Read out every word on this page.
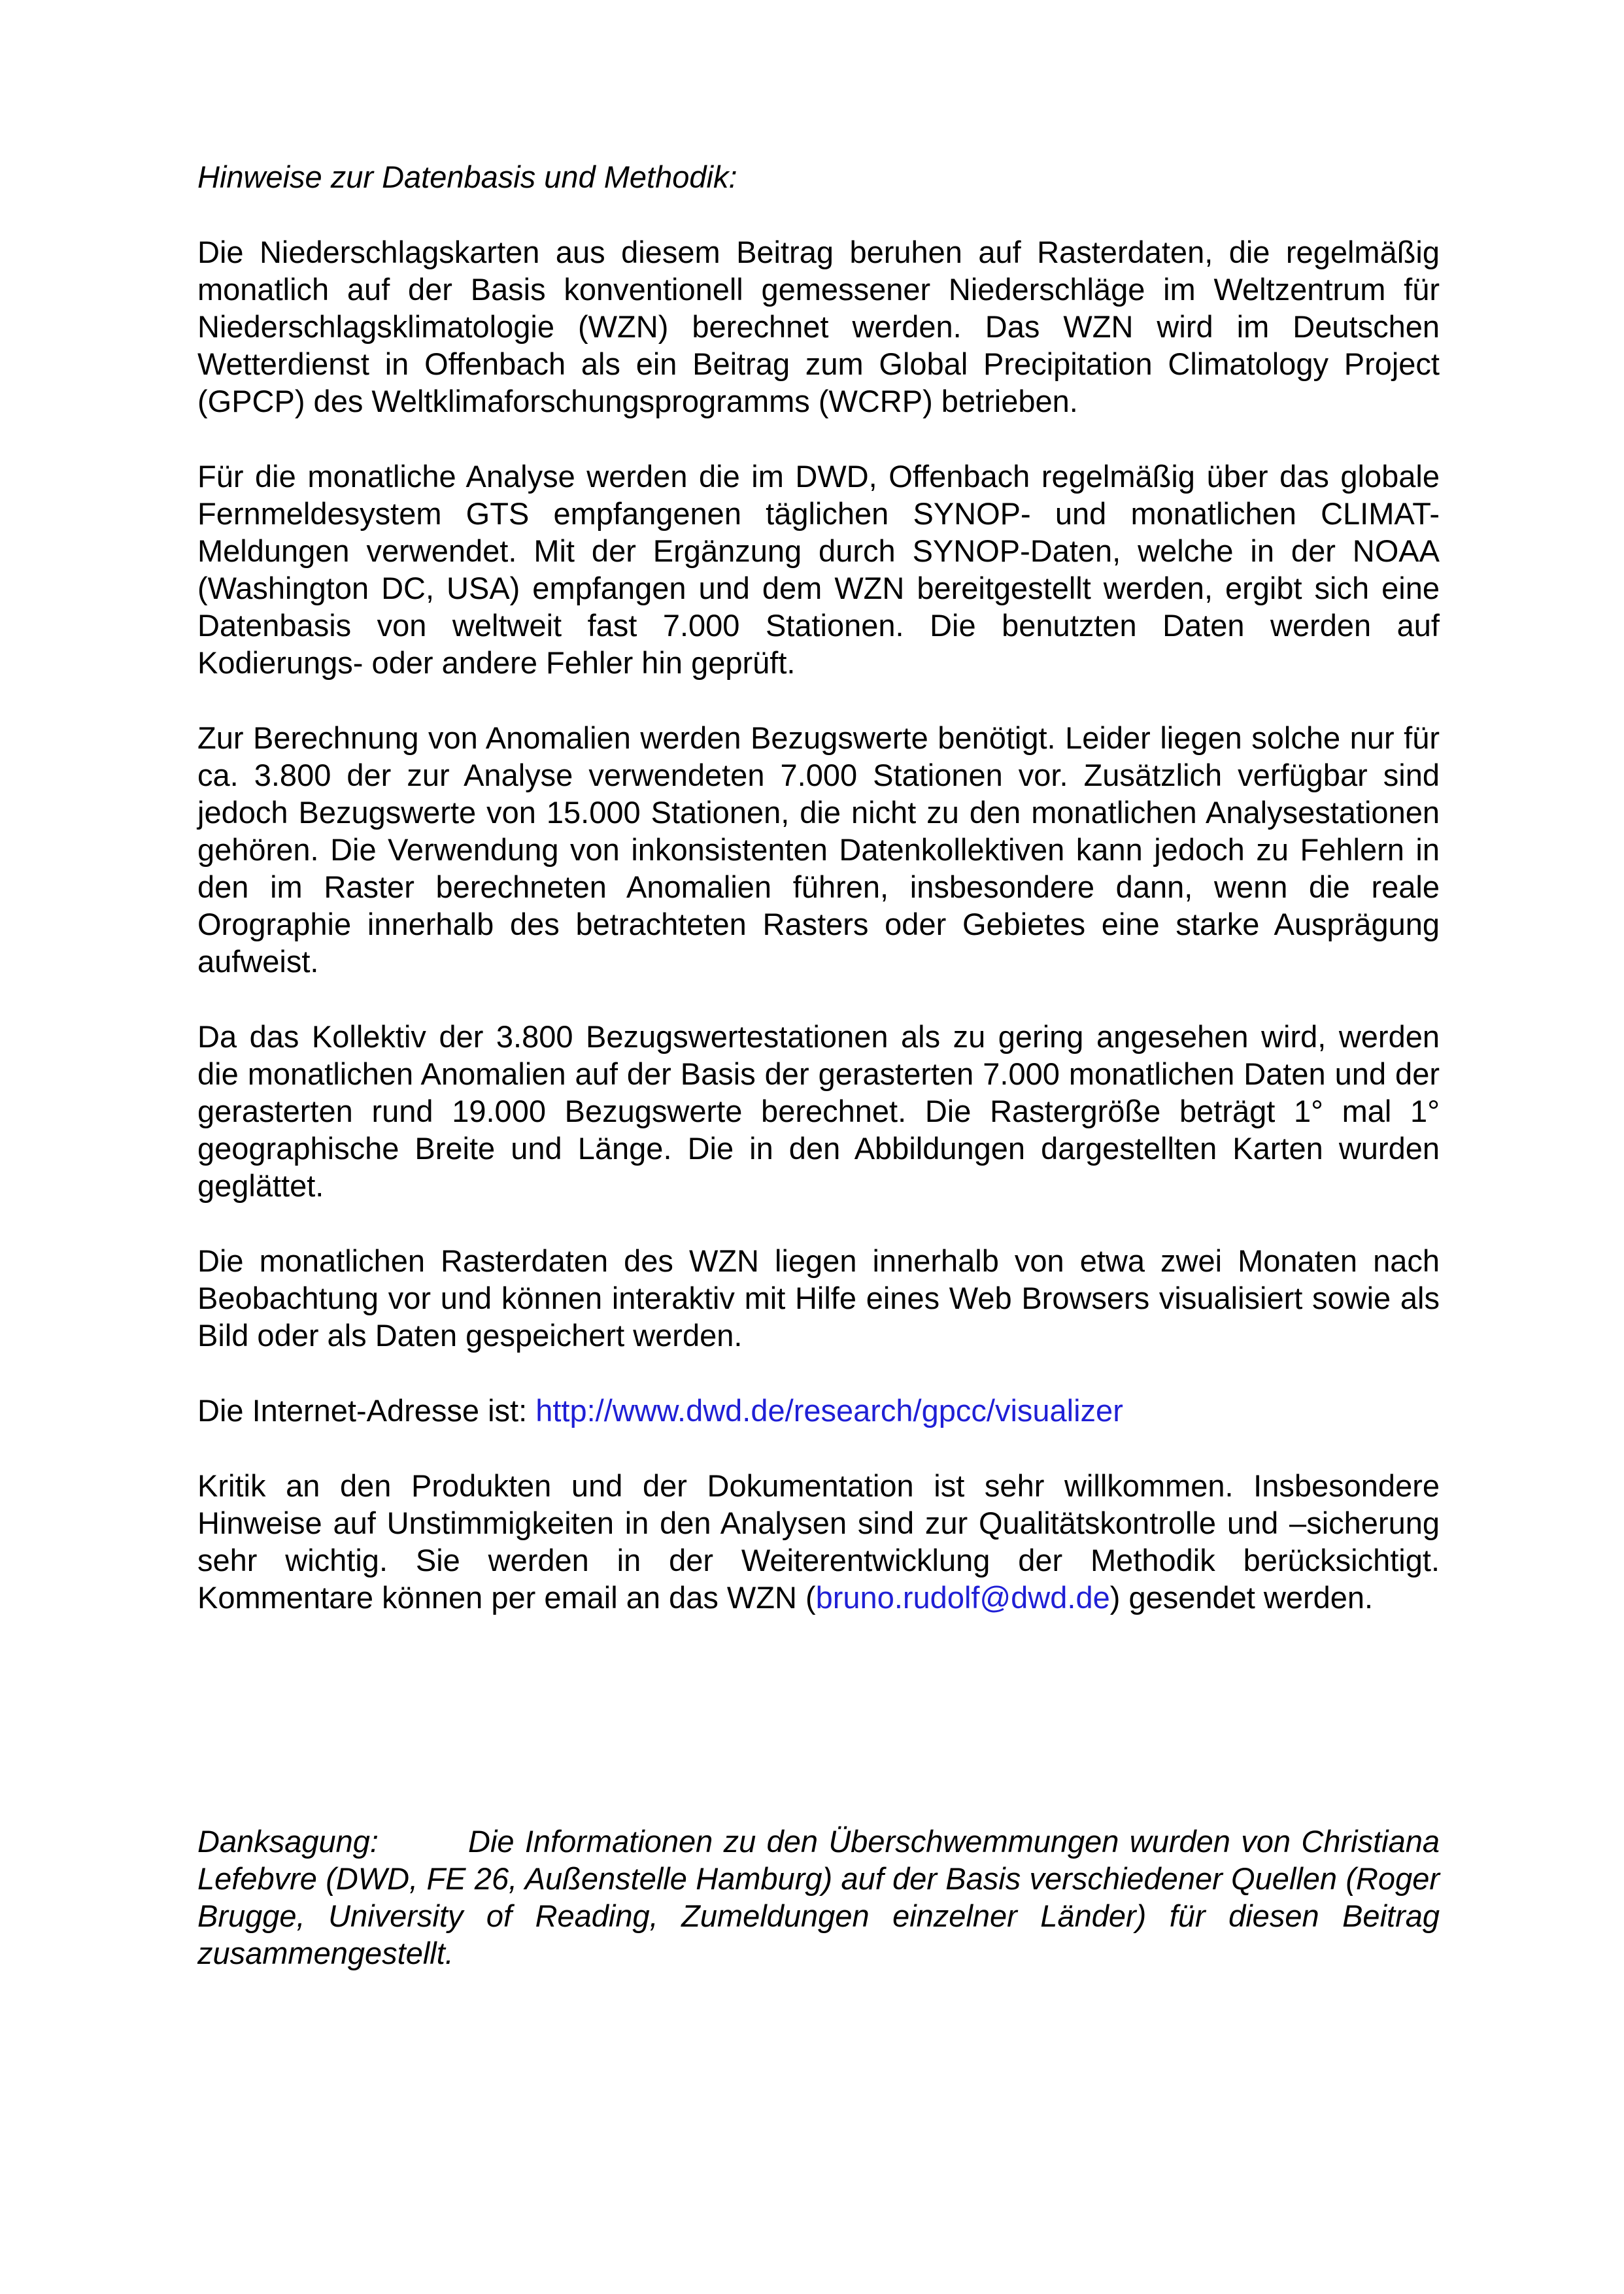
Hinweise zur Datenbasis und Methodik:

Die Niederschlagskarten aus diesem Beitrag beruhen auf Rasterdaten, die regelmäßig monatlich auf der Basis konventionell gemessener Niederschläge im Weltzentrum für Niederschlagsklimatologie (WZN) berechnet werden. Das WZN wird im Deutschen Wetterdienst in Offenbach als ein Beitrag zum Global Precipitation Climatology Project (GPCP) des Weltklimaforschungsprogramms (WCRP) betrieben.

Für die monatliche Analyse werden die im DWD, Offenbach regelmäßig über das globale Fernmeldesystem GTS empfangenen täglichen SYNOP- und monatlichen CLIMAT-Meldungen verwendet. Mit der Ergänzung durch SYNOP-Daten, welche in der NOAA (Washington DC, USA) empfangen und dem WZN bereitgestellt werden, ergibt sich eine Datenbasis von weltweit fast 7.000 Stationen. Die benutzten Daten werden auf Kodierungs- oder andere Fehler hin geprüft.

Zur Berechnung von Anomalien werden Bezugswerte benötigt. Leider liegen solche nur für ca. 3.800 der zur Analyse verwendeten 7.000 Stationen vor. Zusätzlich verfügbar sind jedoch Bezugswerte von 15.000 Stationen, die nicht zu den monatlichen Analysestationen gehören. Die Verwendung von inkonsistenten Datenkollektiven kann jedoch zu Fehlern in den im Raster berechneten Anomalien führen, insbesondere dann, wenn die reale Orographie innerhalb des betrachteten Rasters oder Gebietes eine starke Ausprägung aufweist.

Da das Kollektiv der 3.800 Bezugswertestationen als zu gering angesehen wird, werden die monatlichen Anomalien auf der Basis der gerasterten 7.000 monatlichen Daten und der gerasterten rund 19.000 Bezugswerte berechnet. Die Rastergröße beträgt 1° mal 1° geographische Breite und Länge. Die in den Abbildungen dargestellten Karten wurden geglättet.

Die monatlichen Rasterdaten des WZN liegen innerhalb von etwa zwei Monaten nach Beobachtung vor und können interaktiv mit Hilfe eines Web Browsers visualisiert sowie als Bild oder als Daten gespeichert werden.

Die Internet-Adresse ist: http://www.dwd.de/research/gpcc/visualizer

Kritik an den Produkten und der Dokumentation ist sehr willkommen. Insbesondere Hinweise auf Unstimmigkeiten in den Analysen sind zur Qualitätskontrolle und –sicherung sehr wichtig. Sie werden in der Weiterentwicklung der Methodik berücksichtigt. Kommentare können per email an das WZN (bruno.rudolf@dwd.de) gesendet werden.

Danksagung:	Die Informationen zu den Überschwemmungen wurden von Christiana Lefebvre (DWD, FE 26, Außenstelle Hamburg) auf der Basis verschiedener Quellen (Roger Brugge, University of Reading, Zumeldungen einzelner Länder) für diesen Beitrag zusammengestellt.
